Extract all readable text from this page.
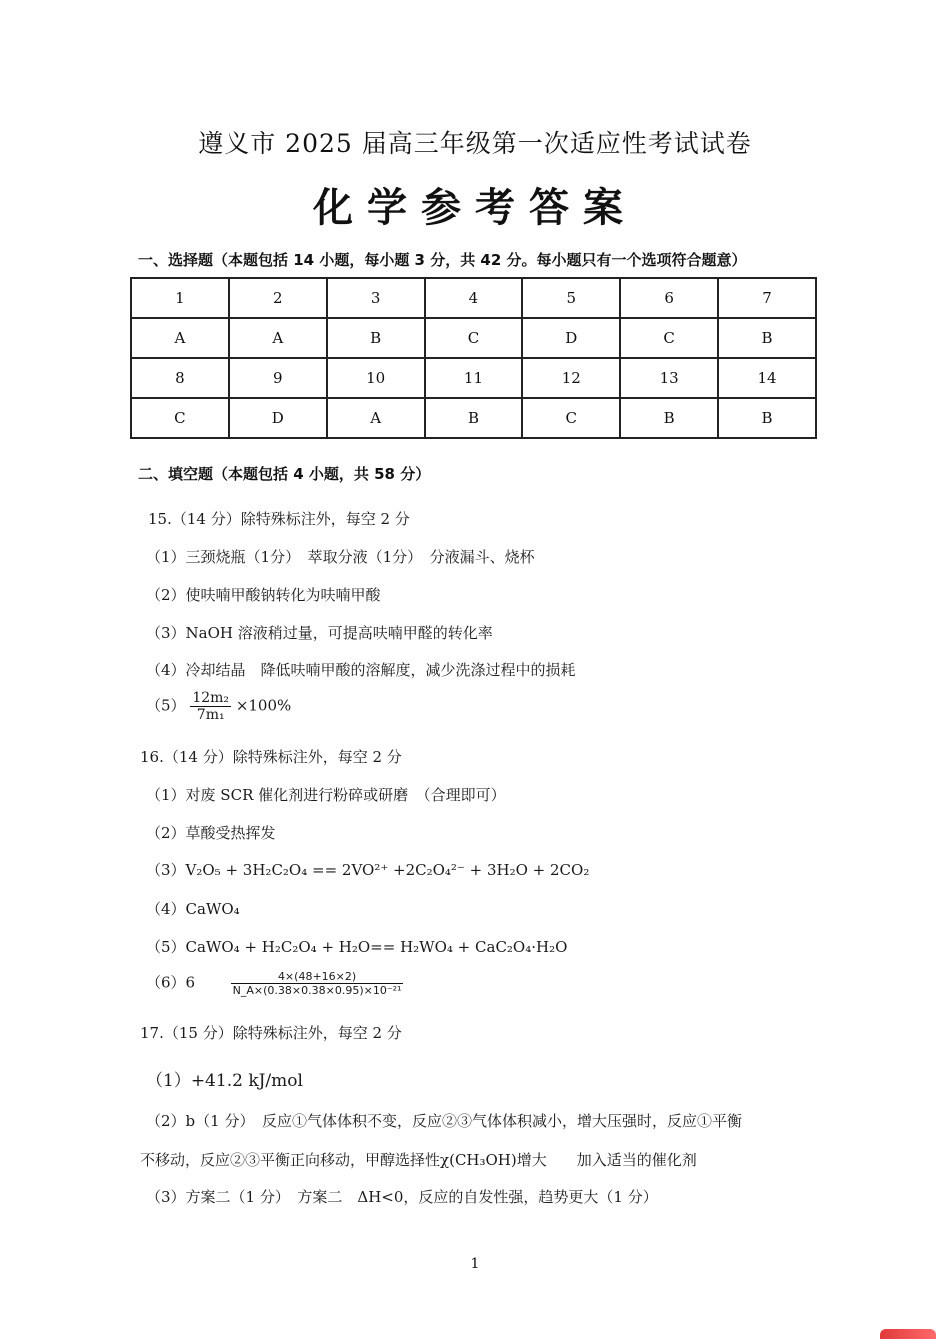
遵义市 2025 届高三年级第一次适应性考试试卷
化学参考答案
一、选择题（本题包括 14 小题，每小题 3 分，共 42 分。每小题只有一个选项符合题意）
1	2	3	4	5	6	7
A	A	B	C	D	C	B
8	9	10	11	12	13	14
C	D	A	B	C	B	B
二、填空题（本题包括 4 小题，共 58 分）
15.（14 分）除特殊标注外，每空 2 分
（1）三颈烧瓶（1分）　萃取分液（1分）　分液漏斗、烧杯
（2）使呋喃甲酸钠转化为呋喃甲酸
（3）NaOH 溶液稍过量，可提高呋喃甲醛的转化率
（4）冷却结晶　降低呋喃甲酸的溶解度，减少洗涤过程中的损耗
$(5) \frac{\text{12m₂}}{\text{7m₁}} \times 100\%$
16.（14 分）除特殊标注外，每空 2 分
（1）对废 SCR 催化剂进行粉碎或研磨　（合理即可）
（2）草酸受热挥发
（3）V₂O₅ + 3H₂C₂O₄ == 2VO²⁺ +2C₂O₄²⁻ + 3H₂O + 2CO₂
（4）CaWO₄
（5）CaWO₄ + H₂C₂O₄ + H₂O== H₂WO₄ + CaC₂O₄·H₂O
（6）6	$\frac{4\times(48+16\times 2)}{\text{N\_A×(0.38×0.38×0.95)×10⁻²¹}}$
17.（15 分）除特殊标注外，每空 2 分
（1）+41.2 kJ/mol
（2）b（1 分）　反应①气体体积不变，反应②③气体体积减小，增大压强时，反应①平衡
不移动，反应②③平衡正向移动，甲醇选择性χ(CH₃OH)增大　　加入适当的催化剂
（3）方案二（1 分）　方案二　ΔH<0，反应的自发性强，趋势更大（1 分）
1
